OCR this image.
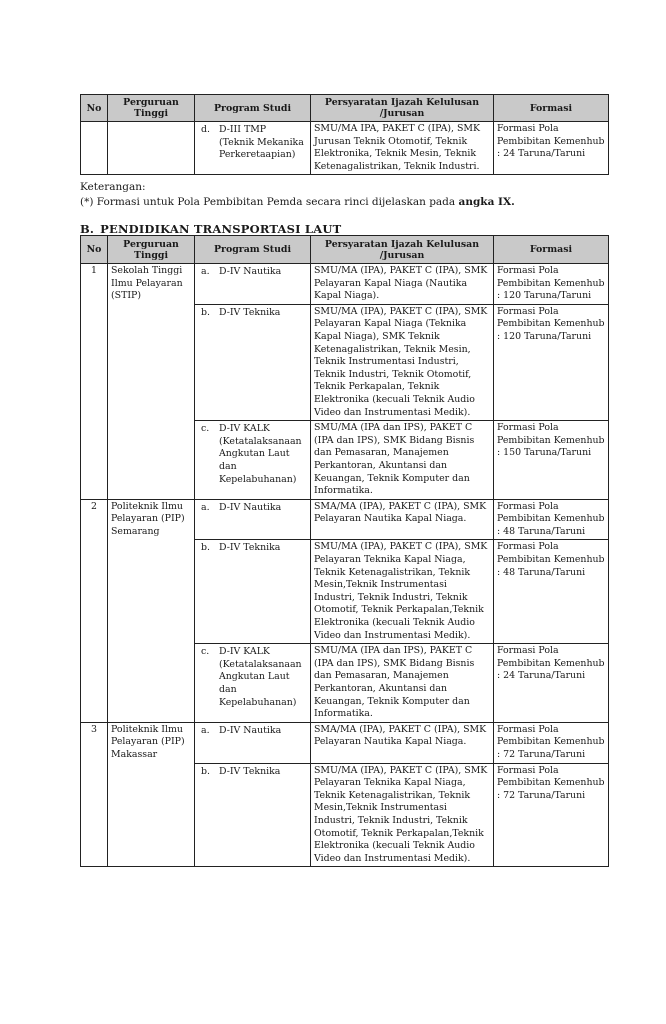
No	Perguruan Tinggi	Program Studi	Persyaratan Ijazah Kelulusan /Jurusan	Formasi

		d. D-III TMP (Teknik Mekanika Perkeretaapian)	SMU/MA IPA, PAKET C (IPA), SMK Jurusan Teknik Otomotif, Teknik Elektronika, Teknik Mesin, Teknik Ketenagalistrikan, Teknik Industri.	Formasi Pola Pembibitan Kemenhub : 24 Taruna/Taruni
Keterangan:
(*) Formasi untuk Pola Pembibitan Pemda secara rinci dijelaskan pada angka IX.
B. PENDIDIKAN TRANSPORTASI LAUT
No	Perguruan Tinggi	Program Studi	Persyaratan Ijazah Kelulusan /Jurusan	Formasi
1	Sekolah Tinggi Ilmu Pelayaran (STIP)	a. D-IV Nautika	SMU/MA (IPA), PAKET C (IPA), SMK Pelayaran Kapal Niaga (Nautika Kapal Niaga).	Formasi Pola Pembibitan Kemenhub : 120 Taruna/Taruni

		b. D-IV Teknika	SMU/MA (IPA), PAKET C (IPA), SMK Pelayaran Kapal Niaga (Teknika Kapal Niaga), SMK Teknik Ketenagalistrikan, Teknik Mesin, Teknik Instrumentasi Industri, Teknik Industri, Teknik Otomotif, Teknik Perkapalan, Teknik Elektronika (kecuali Teknik Audio Video dan Instrumentasi Medik).	Formasi Pola Pembibitan Kemenhub : 120 Taruna/Taruni

		c. D-IV KALK (Ketatalaksanaan Angkutan Laut dan Kepelabuhanan)	SMU/MA (IPA dan IPS), PAKET C (IPA dan IPS), SMK Bidang Bisnis dan Pemasaran, Manajemen Perkantoran, Akuntansi dan Keuangan, Teknik Komputer dan Informatika.	Formasi Pola Pembibitan Kemenhub : 150 Taruna/Taruni
2	Politeknik Ilmu Pelayaran (PIP) Semarang	a. D-IV Nautika	SMA/MA (IPA), PAKET C (IPA), SMK Pelayaran Nautika Kapal Niaga.	Formasi Pola Pembibitan Kemenhub : 48 Taruna/Taruni

		b. D-IV Teknika	SMU/MA (IPA), PAKET C (IPA), SMK Pelayaran Teknika Kapal Niaga, Teknik Ketenagalistrikan, Teknik Mesin,Teknik Instrumentasi Industri, Teknik Industri, Teknik Otomotif, Teknik Perkapalan,Teknik Elektronika (kecuali Teknik Audio Video dan Instrumentasi Medik).	Formasi Pola Pembibitan Kemenhub : 48 Taruna/Taruni

		c. D-IV KALK (Ketatalaksanaan Angkutan Laut dan Kepelabuhanan)	SMU/MA (IPA dan IPS), PAKET C (IPA dan IPS), SMK Bidang Bisnis dan Pemasaran, Manajemen Perkantoran, Akuntansi dan Keuangan, Teknik Komputer dan Informatika.	Formasi Pola Pembibitan Kemenhub : 24 Taruna/Taruni
3	Politeknik Ilmu Pelayaran (PIP) Makassar	a. D-IV Nautika	SMA/MA (IPA), PAKET C (IPA), SMK Pelayaran Nautika Kapal Niaga.	Formasi Pola Pembibitan Kemenhub : 72 Taruna/Taruni

		b. D-IV Teknika	SMU/MA (IPA), PAKET C (IPA), SMK Pelayaran Teknika Kapal Niaga, Teknik Ketenagalistrikan, Teknik Mesin,Teknik Instrumentasi Industri, Teknik Industri, Teknik Otomotif, Teknik Perkapalan,Teknik Elektronika (kecuali Teknik Audio Video dan Instrumentasi Medik).	Formasi Pola Pembibitan Kemenhub : 72 Taruna/Taruni
